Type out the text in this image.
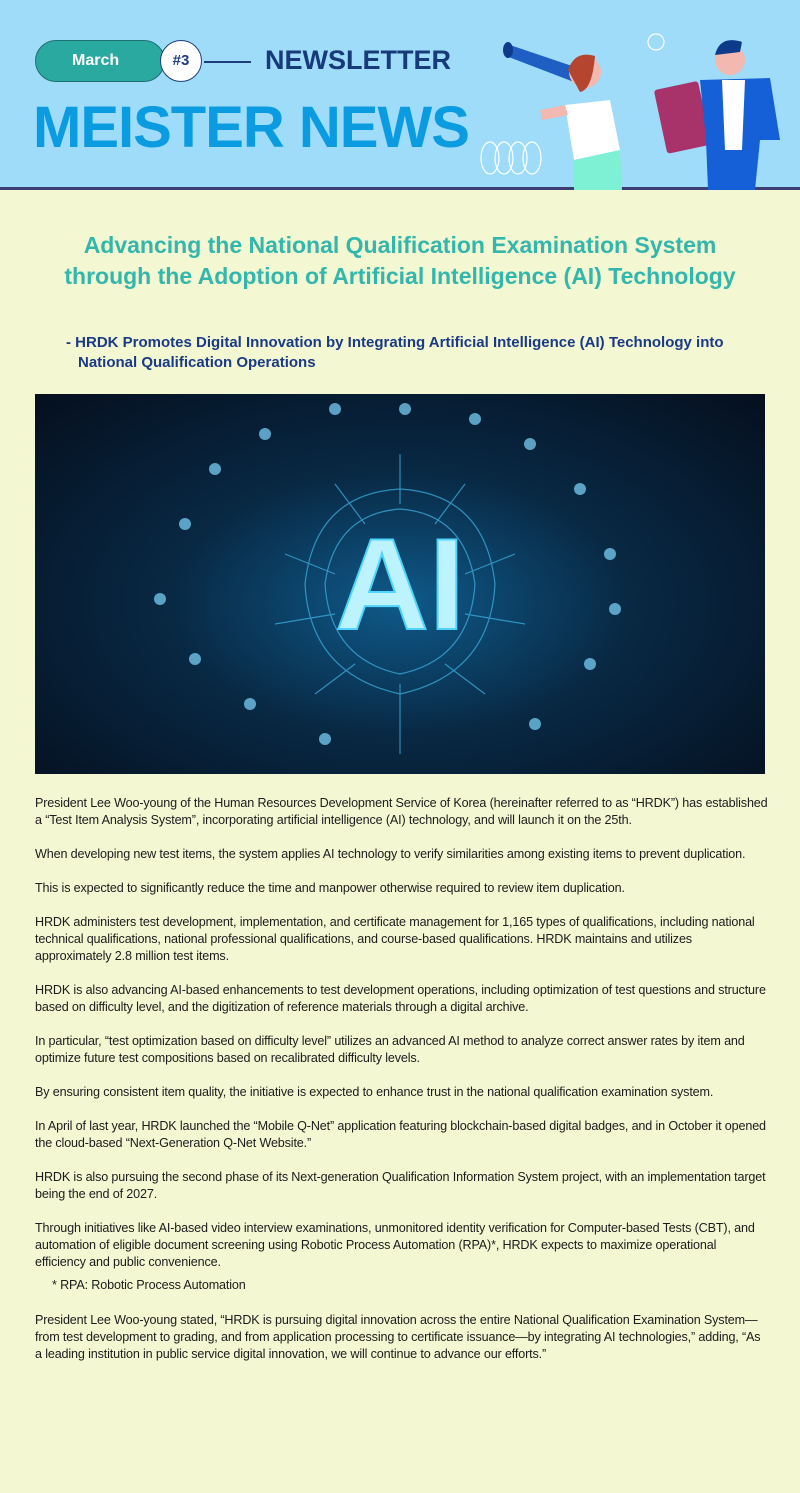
March	#3	NEWSLETTER
MEISTER NEWS
Advancing the National Qualification Examination System through the Adoption of Artificial Intelligence (AI) Technology
- HRDK Promotes Digital Innovation by Integrating Artificial Intelligence (AI) Technology into National Qualification Operations
AI

President Lee Woo-young of the Human Resources Development Service of Korea (hereinafter referred to as “HRDK”) has established a “Test Item Analysis System”, incorporating artificial intelligence (AI) technology, and will launch it on the 25th.

When developing new test items, the system applies AI technology to verify similarities among existing items to prevent duplication.

This is expected to significantly reduce the time and manpower otherwise required to review item duplication.

HRDK administers test development, implementation, and certificate management for 1,165 types of qualifications, including national technical qualifications, national professional qualifications, and course-based qualifications. HRDK maintains and utilizes approximately 2.8 million test items.

HRDK is also advancing AI-based enhancements to test development operations, including optimization of test questions and structure based on difficulty level, and the digitization of reference materials through a digital archive.

In particular, “test optimization based on difficulty level” utilizes an advanced AI method to analyze correct answer rates by item and optimize future test compositions based on recalibrated difficulty levels.

By ensuring consistent item quality, the initiative is expected to enhance trust in the national qualification examination system.

In April of last year, HRDK launched the “Mobile Q-Net” application featuring blockchain-based digital badges, and in October it opened the cloud-based “Next-Generation Q-Net Website.”

HRDK is also pursuing the second phase of its Next-generation Qualification Information System project, with an implementation target being the end of 2027.

Through initiatives like AI-based video interview examinations, unmonitored identity verification for Computer-based Tests (CBT), and automation of eligible document screening using Robotic Process Automation (RPA)*, HRDK expects to maximize operational efficiency and public convenience.

* RPA: Robotic Process Automation

President Lee Woo-young stated, “HRDK is pursuing digital innovation across the entire National Qualification Examination System—from test development to grading, and from application processing to certificate issuance—by integrating AI technologies,” adding, “As a leading institution in public service digital innovation, we will continue to advance our efforts.”
